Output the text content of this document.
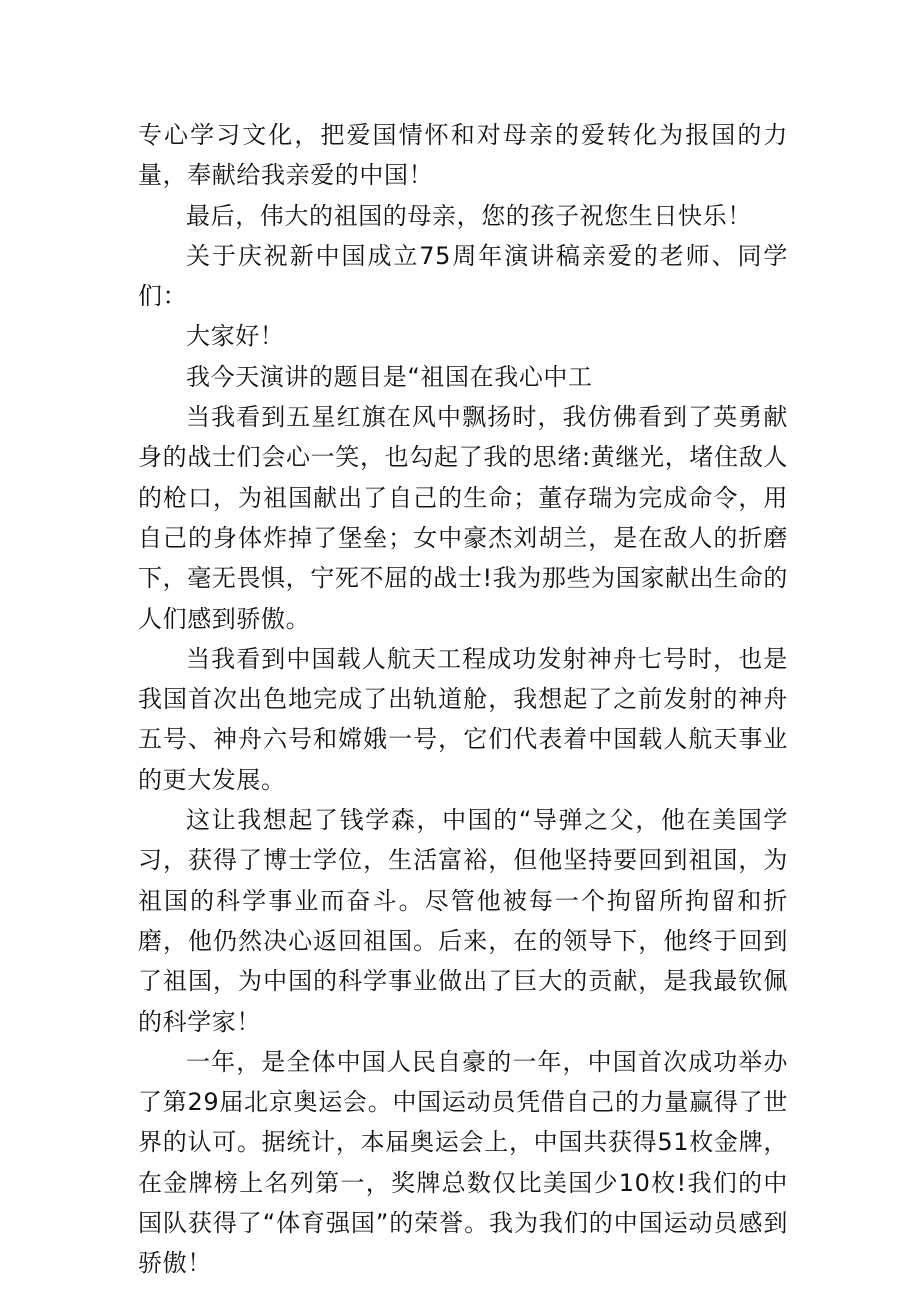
专心学习文化，把爱国情怀和对母亲的爱转化为报国的力量，奉献给我亲爱的中国！

最后，伟大的祖国的母亲，您的孩子祝您生日快乐！

关于庆祝新中国成立75周年演讲稿亲爱的老师、同学们：

大家好！

我今天演讲的题目是“祖国在我心中工

当我看到五星红旗在风中飘扬时，我仿佛看到了英勇献身的战士们会心一笑，也勾起了我的思绪:黄继光，堵住敌人的枪口，为祖国献出了自己的生命；董存瑞为完成命令，用自己的身体炸掉了堡垒；女中豪杰刘胡兰，是在敌人的折磨下，毫无畏惧，宁死不屈的战士!我为那些为国家献出生命的人们感到骄傲。

当我看到中国载人航天工程成功发射神舟七号时，也是我国首次出色地完成了出轨道舱，我想起了之前发射的神舟五号、神舟六号和嫦娥一号，它们代表着中国载人航天事业的更大发展。

这让我想起了钱学森，中国的“导弹之父，他在美国学习，获得了博士学位，生活富裕，但他坚持要回到祖国，为祖国的科学事业而奋斗。尽管他被每一个拘留所拘留和折磨，他仍然决心返回祖国。后来，在的领导下，他终于回到了祖国，为中国的科学事业做出了巨大的贡献，是我最钦佩的科学家！

一年，是全体中国人民自豪的一年，中国首次成功举办了第29届北京奥运会。中国运动员凭借自己的力量赢得了世界的认可。据统计，本届奥运会上，中国共获得51枚金牌，在金牌榜上名列第一，奖牌总数仅比美国少10枚!我们的中国队获得了“体育强国”的荣誉。我为我们的中国运动员感到骄傲！
